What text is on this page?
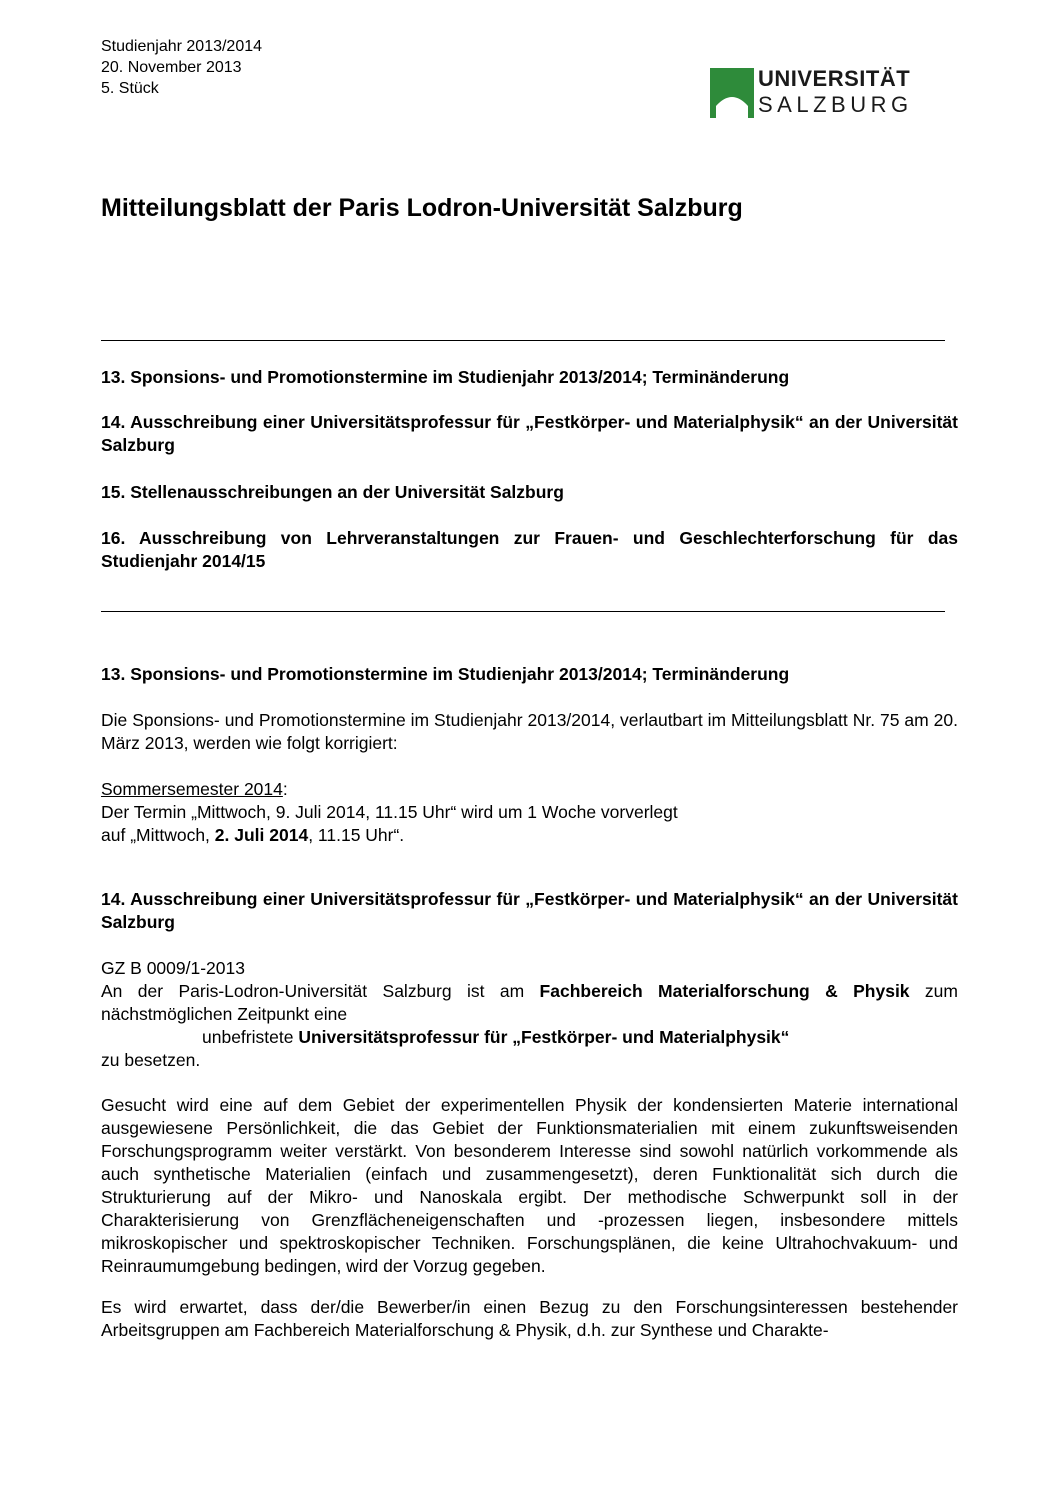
Studienjahr 2013/2014
20. November 2013
5. Stück	UNIVERSITÄT
SALZBURG
Mitteilungsblatt der Paris Lodron-Universität Salzburg
13. Sponsions- und Promotionstermine im Studienjahr 2013/2014; Terminänderung
14. Ausschreibung einer Universitätsprofessur für „Festkörper- und Materialphysik“ an der Universität Salzburg
15. Stellenausschreibungen an der Universität Salzburg
16. Ausschreibung von Lehrveranstaltungen zur Frauen- und Geschlechterforschung für das Studienjahr 2014/15
13. Sponsions- und Promotionstermine im Studienjahr 2013/2014; Terminänderung
Die Sponsions- und Promotionstermine im Studienjahr 2013/2014, verlautbart im Mitteilungsblatt Nr. 75 am 20. März 2013, werden wie folgt korrigiert:
Sommersemester 2014:
Der Termin „Mittwoch, 9. Juli 2014, 11.15 Uhr“ wird um 1 Woche vorverlegt
auf „Mittwoch, 2. Juli 2014, 11.15 Uhr“.
14. Ausschreibung einer Universitätsprofessur für „Festkörper- und Materialphysik“ an der Universität Salzburg
GZ B 0009/1-2013
An der Paris-Lodron-Universität Salzburg ist am Fachbereich Materialforschung & Physik zum nächstmöglichen Zeitpunkt eine
unbefristete Universitätsprofessur für „Festkörper- und Materialphysik“
zu besetzen.
Gesucht wird eine auf dem Gebiet der experimentellen Physik der kondensierten Materie international ausgewiesene Persönlichkeit, die das Gebiet der Funktionsmaterialien mit einem zukunftsweisenden Forschungsprogramm weiter verstärkt. Von besonderem Interesse sind sowohl natürlich vorkommende als auch synthetische Materialien (einfach und zusammengesetzt), deren Funktionalität sich durch die Strukturierung auf der Mikro- und Nanoskala ergibt. Der methodische Schwerpunkt soll in der Charakterisierung von Grenzflächeneigenschaften und -prozessen liegen, insbesondere mittels mikroskopischer und spektroskopischer Techniken. Forschungsplänen, die keine Ultrahochvakuum- und Reinraumumgebung bedingen, wird der Vorzug gegeben.
Es wird erwartet, dass der/die Bewerber/in einen Bezug zu den Forschungsinteressen bestehender Arbeitsgruppen am Fachbereich Materialforschung & Physik, d.h. zur Synthese und Charakte-
